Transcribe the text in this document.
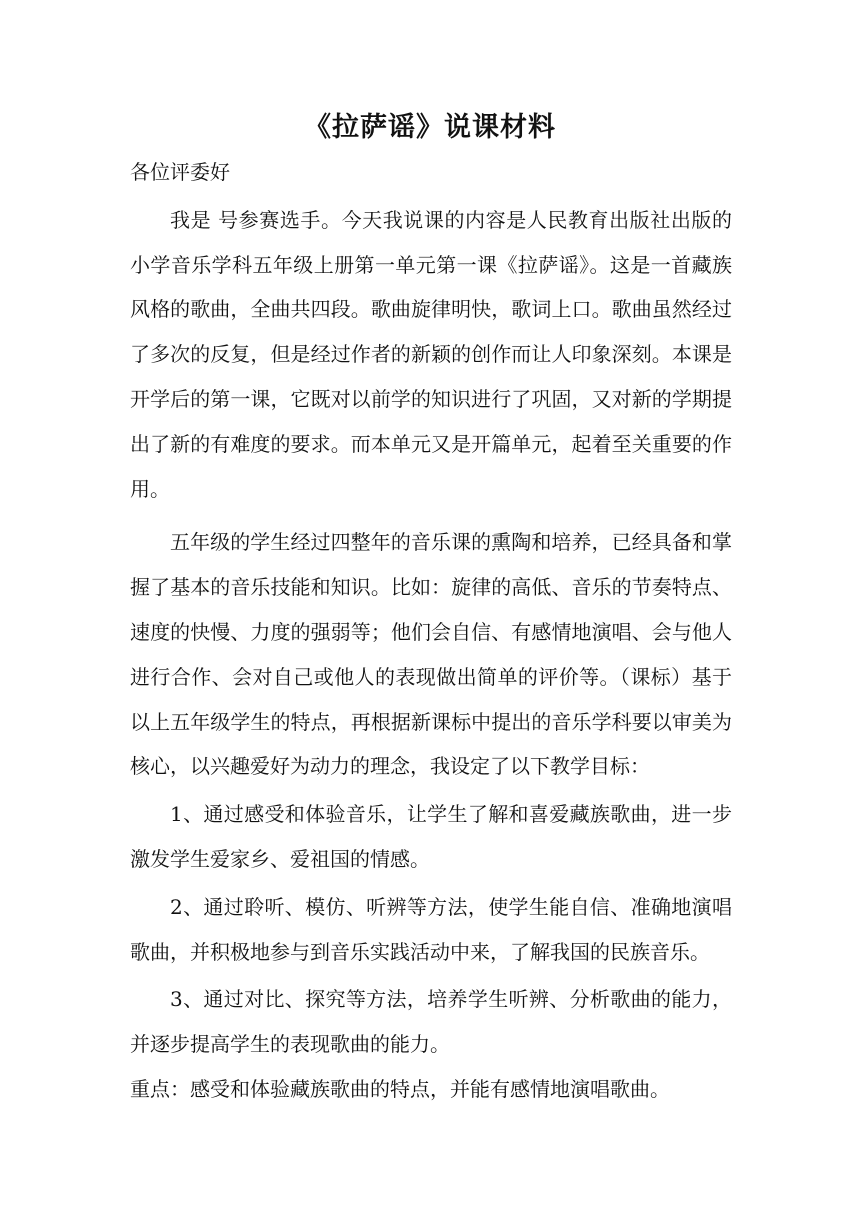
《拉萨谣》说课材料

各位评委好

我是 号参赛选手。今天我说课的内容是人民教育出版社出版的小学音乐学科五年级上册第一单元第一课《拉萨谣》。这是一首藏族风格的歌曲，全曲共四段。歌曲旋律明快，歌词上口。歌曲虽然经过了多次的反复，但是经过作者的新颖的创作而让人印象深刻。本课是开学后的第一课，它既对以前学的知识进行了巩固，又对新的学期提出了新的有难度的要求。而本单元又是开篇单元，起着至关重要的作用。

五年级的学生经过四整年的音乐课的熏陶和培养，已经具备和掌握了基本的音乐技能和知识。比如：旋律的高低、音乐的节奏特点、速度的快慢、力度的强弱等；他们会自信、有感情地演唱、会与他人进行合作、会对自己或他人的表现做出简单的评价等。（课标）基于以上五年级学生的特点，再根据新课标中提出的音乐学科要以审美为核心，以兴趣爱好为动力的理念，我设定了以下教学目标：

1、通过感受和体验音乐，让学生了解和喜爱藏族歌曲，进一步激发学生爱家乡、爱祖国的情感。

2、通过聆听、模仿、听辨等方法，使学生能自信、准确地演唱歌曲，并积极地参与到音乐实践活动中来，了解我国的民族音乐。

3、通过对比、探究等方法，培养学生听辨、分析歌曲的能力，并逐步提高学生的表现歌曲的能力。

重点：感受和体验藏族歌曲的特点，并能有感情地演唱歌曲。
